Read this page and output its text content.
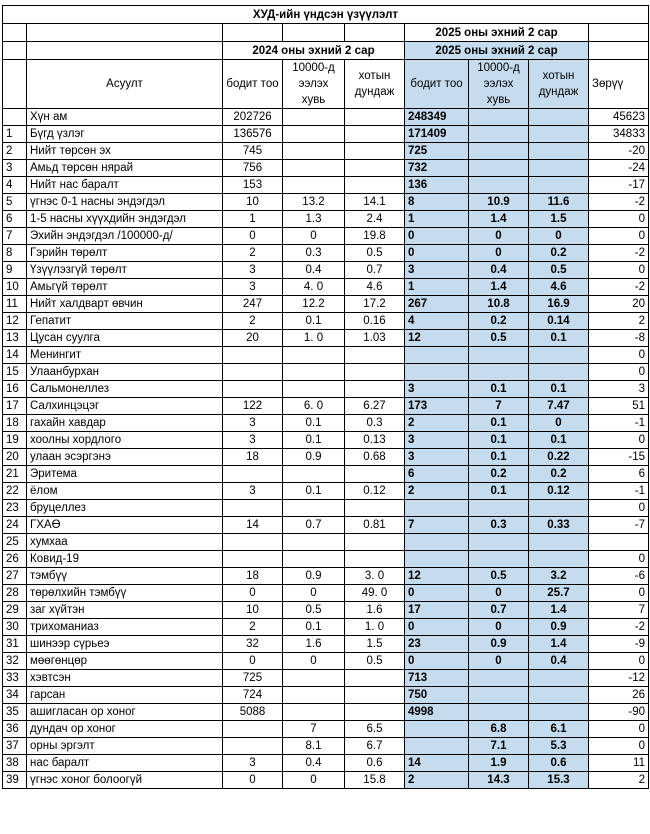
ХУД-ийн үндсэн үзүүлэлт								
					2025 оны эхний 2 сар			
		2024 оны эхний 2 сар			2025 оны эхний 2 сар			
	Асуулт	бодит тоо	10000-д
ээлэх
хувь	хотын
дундаж	бодит тоо	10000-д
ээлэх
хувь	хотын
дундаж	Зөрүү
	Хүн ам	202726			248349			45623
1	Бүгд үзлэг	136576			171409			34833
2	Нийт төрсөн эх	745			725			-20
3	Амьд төрсөн нярай	756			732			-24
4	Нийт нас баралт	153			136			-17
5	үгнэс 0-1 насны эндэгдэл	10	13.2	14.1	8	10.9	11.6	-2
6	1-5 насны хүүхдийн эндэгдэл	1	1.3	2.4	1	1.4	1.5	0
7	Эхийн эндэгдэл /100000-д/	0	0	19.8	0	0	0	0
8	Гэрийн төрөлт	2	0.3	0.5	0	0	0.2	-2
9	Үзүүлэзгүй төрөлт	3	0.4	0.7	3	0.4	0.5	0
10	Амьгүй төрөлт	3	4. 0	4.6	1	1.4	4.6	-2
11	Нийт халдварт өвчин	247	12.2	17.2	267	10.8	16.9	20
12	Гепатит	2	0.1	0.16	4	0.2	0.14	2
13	Цусан суулга	20	1. 0	1.03	12	0.5	0.1	-8
14	Менингит							0
15	Улаанбурхан							0
16	Сальмонеллез				3	0.1	0.1	3
17	Салхинцэцэг	122	6. 0	6.27	173	7	7.47	51
18	гахайн хавдар	3	0.1	0.3	2	0.1	0	-1
19	хоолны хордлого	3	0.1	0.13	3	0.1	0.1	0
20	улаан эсэргэнэ	18	0.9	0.68	3	0.1	0.22	-15
21	Эритема				6	0.2	0.2	6
22	ёлом	3	0.1	0.12	2	0.1	0.12	-1
23	бруцеллез							0
24	ГХАӨ	14	0.7	0.81	7	0.3	0.33	-7
25	хумхаа							
26	Ковид-19							0
27	тэмбүү	18	0.9	3. 0	12	0.5	3.2	-6
28	төрөлхийн тэмбүү	0	0	49. 0	0	0	25.7	0
29	заг хүйтэн	10	0.5	1.6	17	0.7	1.4	7
30	трихоманиаз	2	0.1	1. 0	0	0	0.9	-2
31	шинээр сүрьеэ	32	1.6	1.5	23	0.9	1.4	-9
32	мөөгөнцөр	0	0	0.5	0	0	0.4	0
33	хэвтсэн	725			713			-12
34	гарсан	724			750			26
35	ашигласан ор хоног	5088			4998			-90
36	дундач ор хоног		7	6.5		6.8	6.1	0
37	орны эргэлт		8.1	6.7		7.1	5.3	0
38	нас баралт	3	0.4	0.6	14	1.9	0.6	11
39	үгнэс хоног болоогүй	0	0	15.8	2	14.3	15.3	2
